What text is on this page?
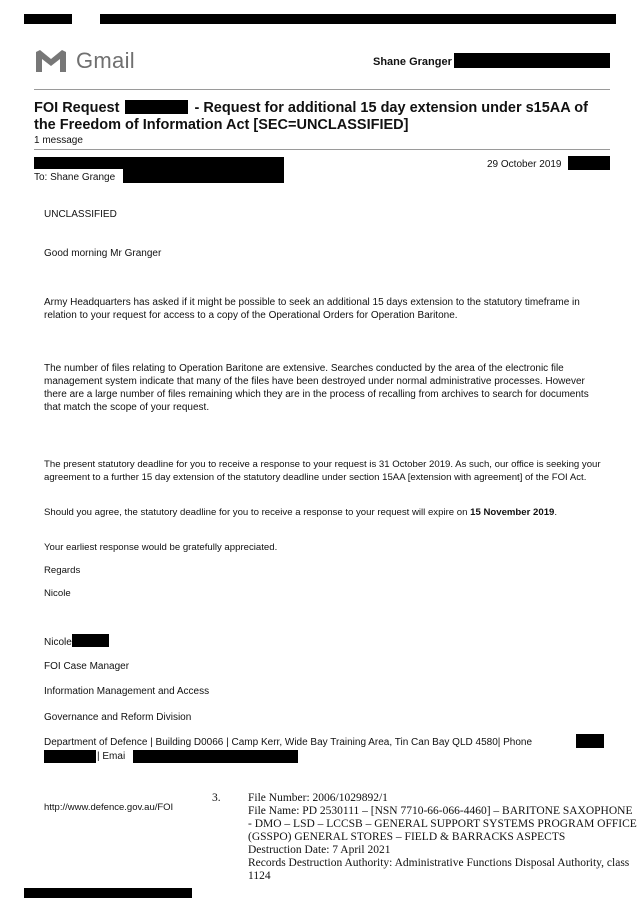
Gmail	Shane Granger
FOI Request	- Request for additional 15 day extension under s15AA of
the Freedom of Information Act [SEC=UNCLASSIFIED]
1 message
29 October 2019
To: Shane Grange
UNCLASSIFIED
Good morning Mr Granger
Army Headquarters has asked if it might be possible to seek an additional 15 days extension to the statutory timeframe in relation to your request for access to a copy of the Operational Orders for Operation Baritone.
The number of files relating to Operation Baritone are extensive. Searches conducted by the area of the electronic file management system indicate that many of the files have been destroyed under normal administrative processes. However there are a large number of files remaining which they are in the process of recalling from archives to search for documents that match the scope of your request.
The present statutory deadline for you to receive a response to your request is 31 October 2019. As such, our office is seeking your agreement to a further 15 day extension of the statutory deadline under section 15AA [extension with agreement] of the FOI Act.
Should you agree, the statutory deadline for you to receive a response to your request will expire on 15 November 2019.
Your earliest response would be gratefully appreciated.
Regards
Nicole
Nicole
FOI Case Manager
Information Management and Access
Governance and Reform Division
Department of Defence | Building D0066 | Camp Kerr, Wide Bay Training Area, Tin Can Bay QLD 4580| Phone
| Emai
http://www.defence.gov.au/FOI
3. File Number: 2006/1029892/1
File Name: PD 2530111 – [NSN 7710-66-066-4460] – BARITONE SAXOPHONE - DMO – LSD – LCCSB – GENERAL SUPPORT SYSTEMS PROGRAM OFFICE (GSSPO) GENERAL STORES – FIELD & BARRACKS ASPECTS
Destruction Date: 7 April 2021
Records Destruction Authority: Administrative Functions Disposal Authority, class 1124
